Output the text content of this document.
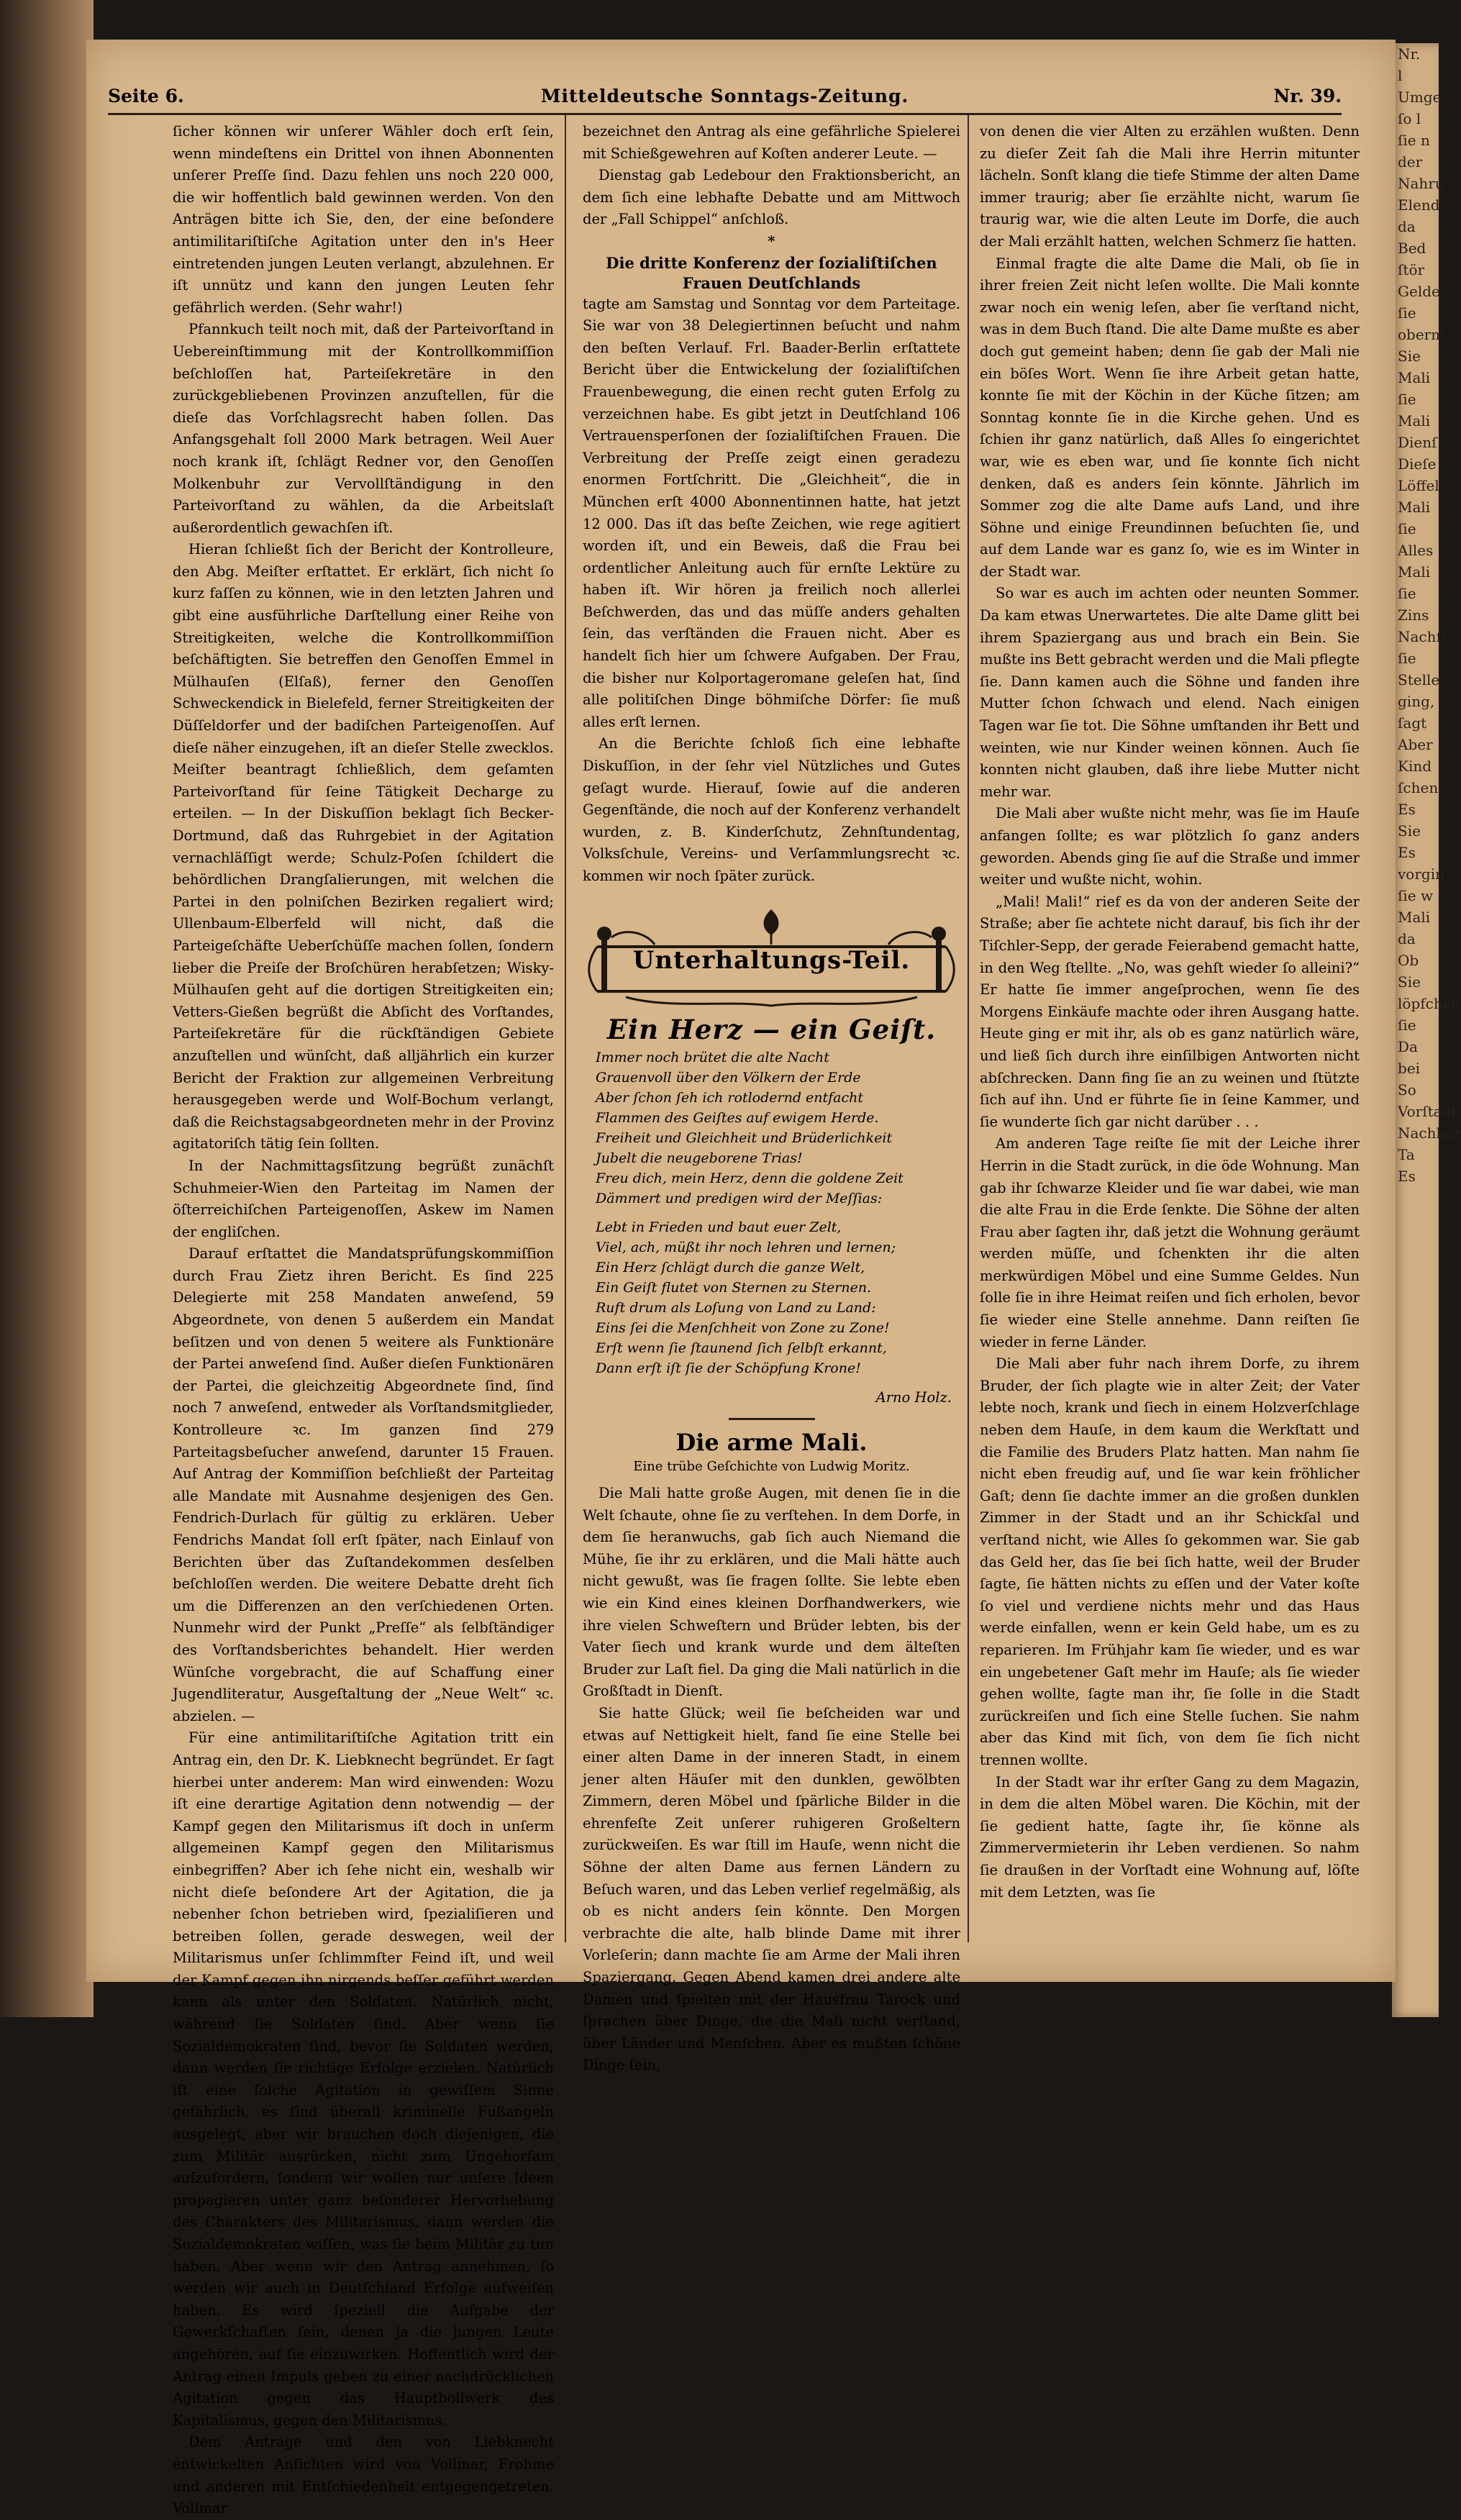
Nr.
l
Umge
ſo l
ſie n
der
Nahru
Elend
da
Bed
ſtör
Gelde
ſie
oberm
Sie
Mali
ſie
Mali
Dienſ
Dieſe
Löffel
Mali
ſie
Alles
Mali
ſie
Zins
Nachſt
ſie
Stelle
ging,
ſagt
Aber
Kind
ſchen
Es
Sie
Es
vorgin
ſie w
Mali
da
Ob
Sie
löpfchen
ſie
Da
bei
So
Vorſtadt
Nachbar
Ta
Es
Seite 6.	Mitteldeutsche Sonntags-Zeitung.	Nr. 39.

ſicher können wir unſerer Wähler doch erſt ſein, wenn mindeſtens ein Drittel von ihnen Abonnenten unſerer Preſſe ſind. Dazu fehlen uns noch 220 000, die wir hoffentlich bald gewinnen werden. Von den Anträgen bitte ich Sie, den, der eine beſondere antimilitariſtiſche Agitation unter den in's Heer eintretenden jungen Leuten verlangt, abzulehnen. Er iſt unnütz und kann den jungen Leuten ſehr gefährlich werden. (Sehr wahr!)

Pfannkuch teilt noch mit, daß der Parteivorſtand in Uebereinſtimmung mit der Kontrollkommiſſion beſchloſſen hat, Parteiſekretäre in den zurückgebliebenen Provinzen anzuſtellen, für die dieſe das Vorſchlagsrecht haben ſollen. Das Anfangsgehalt ſoll 2000 Mark betragen. Weil Auer noch krank iſt, ſchlägt Redner vor, den Genoſſen Molkenbuhr zur Vervollſtändigung in den Parteivorſtand zu wählen, da die Arbeitslaſt außerordentlich gewachſen iſt.

Hieran ſchließt ſich der Bericht der Kontrolleure, den Abg. Meiſter erſtattet. Er erklärt, ſich nicht ſo kurz faſſen zu können, wie in den letzten Jahren und gibt eine ausführliche Darſtellung einer Reihe von Streitigkeiten, welche die Kontrollkommiſſion beſchäftigten. Sie betreffen den Genoſſen Emmel in Mülhauſen (Elſaß), ferner den Genoſſen Schweckendick in Bielefeld, ferner Streitigkeiten der Düſſeldorfer und der badiſchen Parteigenoſſen. Auf dieſe näher einzugehen, iſt an dieſer Stelle zwecklos. Meiſter beantragt ſchließlich, dem geſamten Parteivorſtand für ſeine Tätigkeit Decharge zu erteilen. — In der Diskuſſion beklagt ſich Becker-Dortmund, daß das Ruhrgebiet in der Agitation vernachläſſigt werde; Schulz-Poſen ſchildert die behördlichen Drangſalierungen, mit welchen die Partei in den polniſchen Bezirken regaliert wird; Ullenbaum-Elberfeld will nicht, daß die Parteigeſchäfte Ueberſchüſſe machen ſollen, ſondern lieber die Preiſe der Broſchüren herabſetzen; Wisky-Mülhauſen geht auf die dortigen Streitigkeiten ein; Vetters-Gießen begrüßt die Abſicht des Vorſtandes, Parteiſekretäre für die rückſtändigen Gebiete anzuſtellen und wünſcht, daß alljährlich ein kurzer Bericht der Fraktion zur allgemeinen Verbreitung herausgegeben werde und Wolf-Bochum verlangt, daß die Reichstagsabgeordneten mehr in der Provinz agitatoriſch tätig ſein ſollten.

In der Nachmittagsſitzung begrüßt zunächſt Schuhmeier-Wien den Parteitag im Namen der öſterreichiſchen Parteigenoſſen, Askew im Namen der engliſchen.

Darauf erſtattet die Mandatsprüfungskommiſſion durch Frau Zietz ihren Bericht. Es ſind 225 Delegierte mit 258 Mandaten anweſend, 59 Abgeordnete, von denen 5 außerdem ein Mandat beſitzen und von denen 5 weitere als Funktionäre der Partei anweſend ſind. Außer dieſen Funktionären der Partei, die gleichzeitig Abgeordnete ſind, ſind noch 7 anweſend, entweder als Vorſtandsmitglieder, Kontrolleure ꝛc. Im ganzen ſind 279 Parteitagsbeſucher anweſend, darunter 15 Frauen. Auf Antrag der Kommiſſion beſchließt der Parteitag alle Mandate mit Ausnahme desjenigen des Gen. Fendrich-Durlach für gültig zu erklären. Ueber Fendrichs Mandat ſoll erſt ſpäter, nach Einlauf von Berichten über das Zuſtandekommen desſelben beſchloſſen werden. Die weitere Debatte dreht ſich um die Differenzen an den verſchiedenen Orten. Nunmehr wird der Punkt „Preſſe“ als ſelbſtändiger des Vorſtandsberichtes behandelt. Hier werden Wünſche vorgebracht, die auf Schaffung einer Jugendliteratur, Ausgeſtaltung der „Neue Welt“ ꝛc. abzielen. —

Für eine antimilitariſtiſche Agitation tritt ein Antrag ein, den Dr. K. Liebknecht begründet. Er ſagt hierbei unter anderem: Man wird einwenden: Wozu iſt eine derartige Agitation denn notwendig — der Kampf gegen den Militarismus iſt doch in unſerm allgemeinen Kampf gegen den Militarismus einbegriffen? Aber ich ſehe nicht ein, weshalb wir nicht dieſe beſondere Art der Agitation, die ja nebenher ſchon betrieben wird, ſpezialiſieren und betreiben ſollen, gerade deswegen, weil der Militarismus unſer ſchlimmſter Feind iſt, und weil der Kampf gegen ihn nirgends beſſer geführt werden kann als unter den Soldaten. Natürlich nicht, während ſie Soldaten ſind. Aber wenn ſie Sozialdemokraten ſind, bevor ſie Soldaten werden, dann werden ſie richtige Erfolge erzielen. Natürlich iſt eine ſolche Agitation in gewiſſem Sinne gefährlich, es ſind überall kriminelle Fußangeln ausgelegt, aber wir brauchen doch diejenigen, die zum Militär ausrücken, nicht zum Ungehorſam aufzufordern, ſondern wir wollen nur unſere Ideen propagieren unter ganz beſonderer Hervorhebung des Charakters des Militarismus, dann werden die Sozialdemokraten wiſſen, was ſie beim Militär zu tun haben. Aber wenn wir den Antrag annehmen, ſo werden wir auch in Deutſchland Erfolge aufweiſen haben. Es wird ſpeziell die Aufgabe der Gewerkſchaften ſein, denen ja die jungen Leute angehören, auf ſie einzuwirken. Hoffentlich wird der Antrag einen Impuls geben zu einer nachdrücklichen Agitation gegen das Hauptbollwerk des Kapitalismus, gegen den Militarismus.

Dem Antrage und den von Liebknecht entwickelten Anſichten wird von Vollmar, Frohme und anderen mit Entſchiedenheit entgegengetreten. Vollmar

bezeichnet den Antrag als eine gefährliche Spielerei mit Schießgewehren auf Koſten anderer Leute. —

Dienstag gab Ledebour den Fraktionsbericht, an dem ſich eine lebhafte Debatte und am Mittwoch der „Fall Schippel“ anſchloß.

*
Die dritte Konferenz der ſozialiſtiſchen Frauen Deutſchlands

tagte am Samstag und Sonntag vor dem Parteitage. Sie war von 38 Delegiertinnen beſucht und nahm den beſten Verlauf. Frl. Baader-Berlin erſtattete Bericht über die Entwickelung der ſozialiſtiſchen Frauenbewegung, die einen recht guten Erfolg zu verzeichnen habe. Es gibt jetzt in Deutſchland 106 Vertrauensperſonen der ſozialiſtiſchen Frauen. Die Verbreitung der Preſſe zeigt einen geradezu enormen Fortſchritt. Die „Gleichheit“, die in München erſt 4000 Abonnentinnen hatte, hat jetzt 12 000. Das iſt das beſte Zeichen, wie rege agitiert worden iſt, und ein Beweis, daß die Frau bei ordentlicher Anleitung auch für ernſte Lektüre zu haben iſt. Wir hören ja freilich noch allerlei Beſchwerden, das und das müſſe anders gehalten ſein, das verſtänden die Frauen nicht. Aber es handelt ſich hier um ſchwere Aufgaben. Der Frau, die bisher nur Kolportageromane geleſen hat, ſind alle politiſchen Dinge böhmiſche Dörfer: ſie muß alles erſt lernen.

An die Berichte ſchloß ſich eine lebhafte Diskuſſion, in der ſehr viel Nützliches und Gutes geſagt wurde. Hierauf, ſowie auf die anderen Gegenſtände, die noch auf der Konferenz verhandelt wurden, z. B. Kinderſchutz, Zehnſtundentag, Volksſchule, Vereins- und Verſammlungsrecht ꝛc. kommen wir noch ſpäter zurück.

Unterhaltungs-Teil.
Ein Herz — ein Geiſt.
Immer noch brütet die alte Nacht
Grauenvoll über den Völkern der Erde
Aber ſchon ſeh ich rotlodernd entfacht
Flammen des Geiſtes auf ewigem Herde.
Freiheit und Gleichheit und Brüderlichkeit
Jubelt die neugeborene Trias!
Freu dich, mein Herz, denn die goldene Zeit
Dämmert und predigen wird der Meſſias:
Lebt in Frieden und baut euer Zelt,
Viel, ach, müßt ihr noch lehren und lernen;
Ein Herz ſchlägt durch die ganze Welt,
Ein Geiſt flutet von Sternen zu Sternen.
Ruft drum als Loſung von Land zu Land:
Eins ſei die Menſchheit von Zone zu Zone!
Erſt wenn ſie ſtaunend ſich ſelbſt erkannt,
Dann erſt iſt ſie der Schöpfung Krone!
Arno Holz.
Die arme Mali.
Eine trübe Geſchichte von Ludwig Moritz.

Die Mali hatte große Augen, mit denen ſie in die Welt ſchaute, ohne ſie zu verſtehen. In dem Dorfe, in dem ſie heranwuchs, gab ſich auch Niemand die Mühe, ſie ihr zu erklären, und die Mali hätte auch nicht gewußt, was ſie fragen ſollte. Sie lebte eben wie ein Kind eines kleinen Dorfhandwerkers, wie ihre vielen Schweſtern und Brüder lebten, bis der Vater ſiech und krank wurde und dem älteſten Bruder zur Laſt fiel. Da ging die Mali natürlich in die Großſtadt in Dienſt.

Sie hatte Glück; weil ſie beſcheiden war und etwas auf Nettigkeit hielt, fand ſie eine Stelle bei einer alten Dame in der inneren Stadt, in einem jener alten Häuſer mit den dunklen, gewölbten Zimmern, deren Möbel und ſpärliche Bilder in die ehrenfeſte Zeit unſerer ruhigeren Großeltern zurückweiſen. Es war ſtill im Hauſe, wenn nicht die Söhne der alten Dame aus fernen Ländern zu Beſuch waren, und das Leben verlief regelmäßig, als ob es nicht anders ſein könnte. Den Morgen verbrachte die alte, halb blinde Dame mit ihrer Vorleſerin; dann machte ſie am Arme der Mali ihren Spaziergang. Gegen Abend kamen drei andere alte Damen und ſpielten mit der Hausfrau Tarock und ſprachen über Dinge, die die Mali nicht verſtand, über Länder und Menſchen. Aber es mußten ſchöne Dinge ſein,

von denen die vier Alten zu erzählen wußten. Denn zu dieſer Zeit ſah die Mali ihre Herrin mitunter lächeln. Sonſt klang die tiefe Stimme der alten Dame immer traurig; aber ſie erzählte nicht, warum ſie traurig war, wie die alten Leute im Dorfe, die auch der Mali erzählt hatten, welchen Schmerz ſie hatten.

Einmal fragte die alte Dame die Mali, ob ſie in ihrer freien Zeit nicht leſen wollte. Die Mali konnte zwar noch ein wenig leſen, aber ſie verſtand nicht, was in dem Buch ſtand. Die alte Dame mußte es aber doch gut gemeint haben; denn ſie gab der Mali nie ein böſes Wort. Wenn ſie ihre Arbeit getan hatte, konnte ſie mit der Köchin in der Küche ſitzen; am Sonntag konnte ſie in die Kirche gehen. Und es ſchien ihr ganz natürlich, daß Alles ſo eingerichtet war, wie es eben war, und ſie konnte ſich nicht denken, daß es anders ſein könnte. Jährlich im Sommer zog die alte Dame aufs Land, und ihre Söhne und einige Freundinnen beſuchten ſie, und auf dem Lande war es ganz ſo, wie es im Winter in der Stadt war.

So war es auch im achten oder neunten Sommer. Da kam etwas Unerwartetes. Die alte Dame glitt bei ihrem Spaziergang aus und brach ein Bein. Sie mußte ins Bett gebracht werden und die Mali pflegte ſie. Dann kamen auch die Söhne und fanden ihre Mutter ſchon ſchwach und elend. Nach einigen Tagen war ſie tot. Die Söhne umſtanden ihr Bett und weinten, wie nur Kinder weinen können. Auch ſie konnten nicht glauben, daß ihre liebe Mutter nicht mehr war.

Die Mali aber wußte nicht mehr, was ſie im Hauſe anfangen ſollte; es war plötzlich ſo ganz anders geworden. Abends ging ſie auf die Straße und immer weiter und wußte nicht, wohin.

„Mali! Mali!“ rief es da von der anderen Seite der Straße; aber ſie achtete nicht darauf, bis ſich ihr der Tiſchler-Sepp, der gerade Feierabend gemacht hatte, in den Weg ſtellte. „No, was gehſt wieder ſo alleini?“ Er hatte ſie immer angeſprochen, wenn ſie des Morgens Einkäufe machte oder ihren Ausgang hatte. Heute ging er mit ihr, als ob es ganz natürlich wäre, und ließ ſich durch ihre einſilbigen Antworten nicht abſchrecken. Dann fing ſie an zu weinen und ſtützte ſich auf ihn. Und er führte ſie in ſeine Kammer, und ſie wunderte ſich gar nicht darüber . . .

Am anderen Tage reiſte ſie mit der Leiche ihrer Herrin in die Stadt zurück, in die öde Wohnung. Man gab ihr ſchwarze Kleider und ſie war dabei, wie man die alte Frau in die Erde ſenkte. Die Söhne der alten Frau aber ſagten ihr, daß jetzt die Wohnung geräumt werden müſſe, und ſchenkten ihr die alten merkwürdigen Möbel und eine Summe Geldes. Nun ſolle ſie in ihre Heimat reiſen und ſich erholen, bevor ſie wieder eine Stelle annehme. Dann reiſten ſie wieder in ferne Länder.

Die Mali aber fuhr nach ihrem Dorfe, zu ihrem Bruder, der ſich plagte wie in alter Zeit; der Vater lebte noch, krank und ſiech in einem Holzverſchlage neben dem Hauſe, in dem kaum die Werkſtatt und die Familie des Bruders Platz hatten. Man nahm ſie nicht eben freudig auf, und ſie war kein fröhlicher Gaſt; denn ſie dachte immer an die großen dunklen Zimmer in der Stadt und an ihr Schickſal und verſtand nicht, wie Alles ſo gekommen war. Sie gab das Geld her, das ſie bei ſich hatte, weil der Bruder ſagte, ſie hätten nichts zu eſſen und der Vater koſte ſo viel und verdiene nichts mehr und das Haus werde einfallen, wenn er kein Geld habe, um es zu reparieren. Im Frühjahr kam ſie wieder, und es war ein ungebetener Gaſt mehr im Hauſe; als ſie wieder gehen wollte, ſagte man ihr, ſie ſolle in die Stadt zurückreiſen und ſich eine Stelle ſuchen. Sie nahm aber das Kind mit ſich, von dem ſie ſich nicht trennen wollte.

In der Stadt war ihr erſter Gang zu dem Magazin, in dem die alten Möbel waren. Die Köchin, mit der ſie gedient hatte, ſagte ihr, ſie könne als Zimmervermieterin ihr Leben verdienen. So nahm ſie draußen in der Vorſtadt eine Wohnung auf, löſte mit dem Letzten, was ſie
